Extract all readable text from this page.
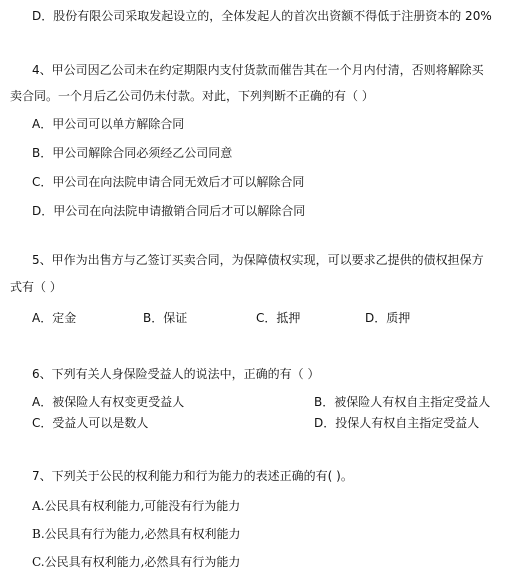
D．股份有限公司采取发起设立的，全体发起人的首次出资额不得低于注册资本的 20%
4、甲公司因乙公司未在约定期限内支付货款而催告其在一个月内付清，否则将解除买
卖合同。一个月后乙公司仍未付款。对此，下列判断不正确的有（ ）
A．甲公司可以单方解除合同
B．甲公司解除合同必须经乙公司同意
C．甲公司在向法院申请合同无效后才可以解除合同
D．甲公司在向法院申请撤销合同后才可以解除合同
5、甲作为出售方与乙签订买卖合同，为保障债权实现，可以要求乙提供的债权担保方
式有（ ）
A．定金	B．保证	C．抵押	D．质押
6、下列有关人身保险受益人的说法中，正确的有（ ）
A．被保险人有权变更受益人	B．被保险人有权自主指定受益人
C．受益人可以是数人	D．投保人有权自主指定受益人
7、下列关于公民的权利能力和行为能力的表述正确的有( )。
A.公民具有权利能力,可能没有行为能力
B.公民具有行为能力,必然具有权利能力
C.公民具有权利能力,必然具有行为能力
